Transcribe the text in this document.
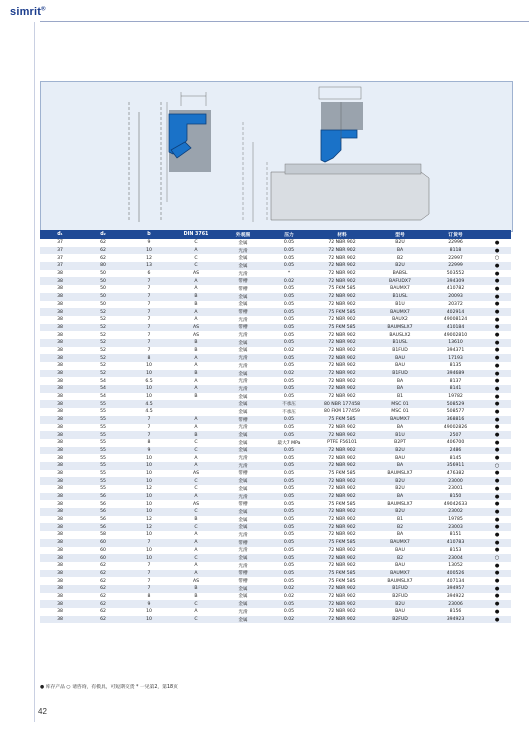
simrit®
d₁	d₂	b	DIN 3761	外观图	压力	材料	型号	订货号	
37	62	9	C	金属	0.05	72 NBR 902	B2U	22996	●
37	62	10	A	光滑	0.05	72 NBR 902	BA	8118	●
37	62	12	C	金属	0.05	72 NBR 902	B2	22997	○
37	80	13	C	金属	0.05	72 NBR 902	B2U	22999	●
38	50	6	AS	光滑	*	72 NBR 902	BABSL	503552	●
38	50	7	A	带槽	0.02	72 NBR 902	BAFUDX7	394309	●
38	50	7	A	带槽	0.05	75 FKM 585	BAUMX7	410782	●
38	50	7	B	金属	0.05	72 NBR 902	B1USL	20093	●
38	50	7	B	金属	0.05	72 NBR 902	B1U	20372	●
38	52	7	A	带槽	0.05	75 FKM 585	BAUMX7	402914	●
38	52	7	A	光滑	0.05	72 NBR 902	BAUX2	49008124	●
38	52	7	AS	带槽	0.05	75 FKM 585	BAUMSLX7	410184	●
38	52	7	AS	光滑	0.05	72 NBR 902	BAUSLX2	49002810	●
38	52	7	B	金属	0.05	72 NBR 902	B1USL	13610	●
38	52	7	B	金属	0.02	72 NBR 902	B1FUD	394371	●
38	52	8	A	光滑	0.05	72 NBR 902	BAU	17193	●
38	52	10	A	光滑	0.05	72 NBR 902	BAU	8135	●
38	52	10	B	金属	0.02	72 NBR 902	B1FUD	394689	●
38	54	6.5	A	光滑	0.05	72 NBR 902	BA	8137	●
38	54	10	A	光滑	0.05	72 NBR 902	BA	8141	●
38	54	10	B	金属	0.05	72 NBR 902	B1	19782	●
38	55	4.5		金属	不承压	80 NBR 177458	MSC 01	508529	●
38	55	4.5		金属	不承压	80 FKM 177459	MSC 01	508577	●
38	55	7	A	带槽	0.05	75 FKM 585	BAUMX7	368816	●
38	55	7	A	光滑	0.05	72 NBR 902	BA	49002826	●
38	55	7	B	金属	0.05	72 NBR 902	B1U	2507	●
38	55	8	C	金属	最大7 MPa	PTFE F56101	B2PT	406700	●
38	55	9	C	金属	0.05	72 NBR 902	B2U	2486	●
38	55	10	A	光滑	0.05	72 NBR 902	BAU	8145	●
38	55	10	A	光滑	0.05	72 NBR 902	BA	356911	○
38	55	10	AS	带槽	0.05	75 FKM 585	BAUMSLX7	476382	●
38	55	10	C	金属	0.05	72 NBR 902	B2U	23000	●
38	55	12	C	金属	0.05	72 NBR 902	B2U	23001	●
38	56	10	A	光滑	0.05	72 NBR 902	BA	8150	●
38	56	10	AS	带槽	0.05	75 FKM 585	BAUMSLX7	49042633	●
38	56	10	C	金属	0.05	72 NBR 902	B2U	23002	●
38	56	12	B	金属	0.05	72 NBR 902	B1	19785	●
38	56	12	C	金属	0.05	72 NBR 902	B2	23003	●
38	58	10	A	光滑	0.05	72 NBR 902	BA	8151	●
38	60	7	A	带槽	0.05	75 FKM 585	BAUMX7	410783	●
38	60	10	A	光滑	0.05	72 NBR 902	BAU	8153	●
38	60	10	C	金属	0.05	72 NBR 902	B2	23004	○
38	62	7	A	光滑	0.05	72 NBR 902	BAU	13052	●
38	62	7	A	带槽	0.05	75 FKM 585	BAUMX7	400526	●
38	62	7	AS	带槽	0.05	75 FKM 585	BAUMSLX7	407134	●
38	62	7	B	金属	0.02	72 NBR 902	B1FUD	394957	●
38	62	8	B	金属	0.02	72 NBR 902	B2FUD	394922	●
38	62	9	C	金属	0.05	72 NBR 902	B2U	23006	●
38	62	10	A	光滑	0.05	72 NBR 902	BAU	8156	●
38	62	10	C	金属	0.02	72 NBR 902	B2FUD	394923	●
● 库存产品 ○ 请咨询，有模具，可短期交货 * 一见第2，第18页
42
